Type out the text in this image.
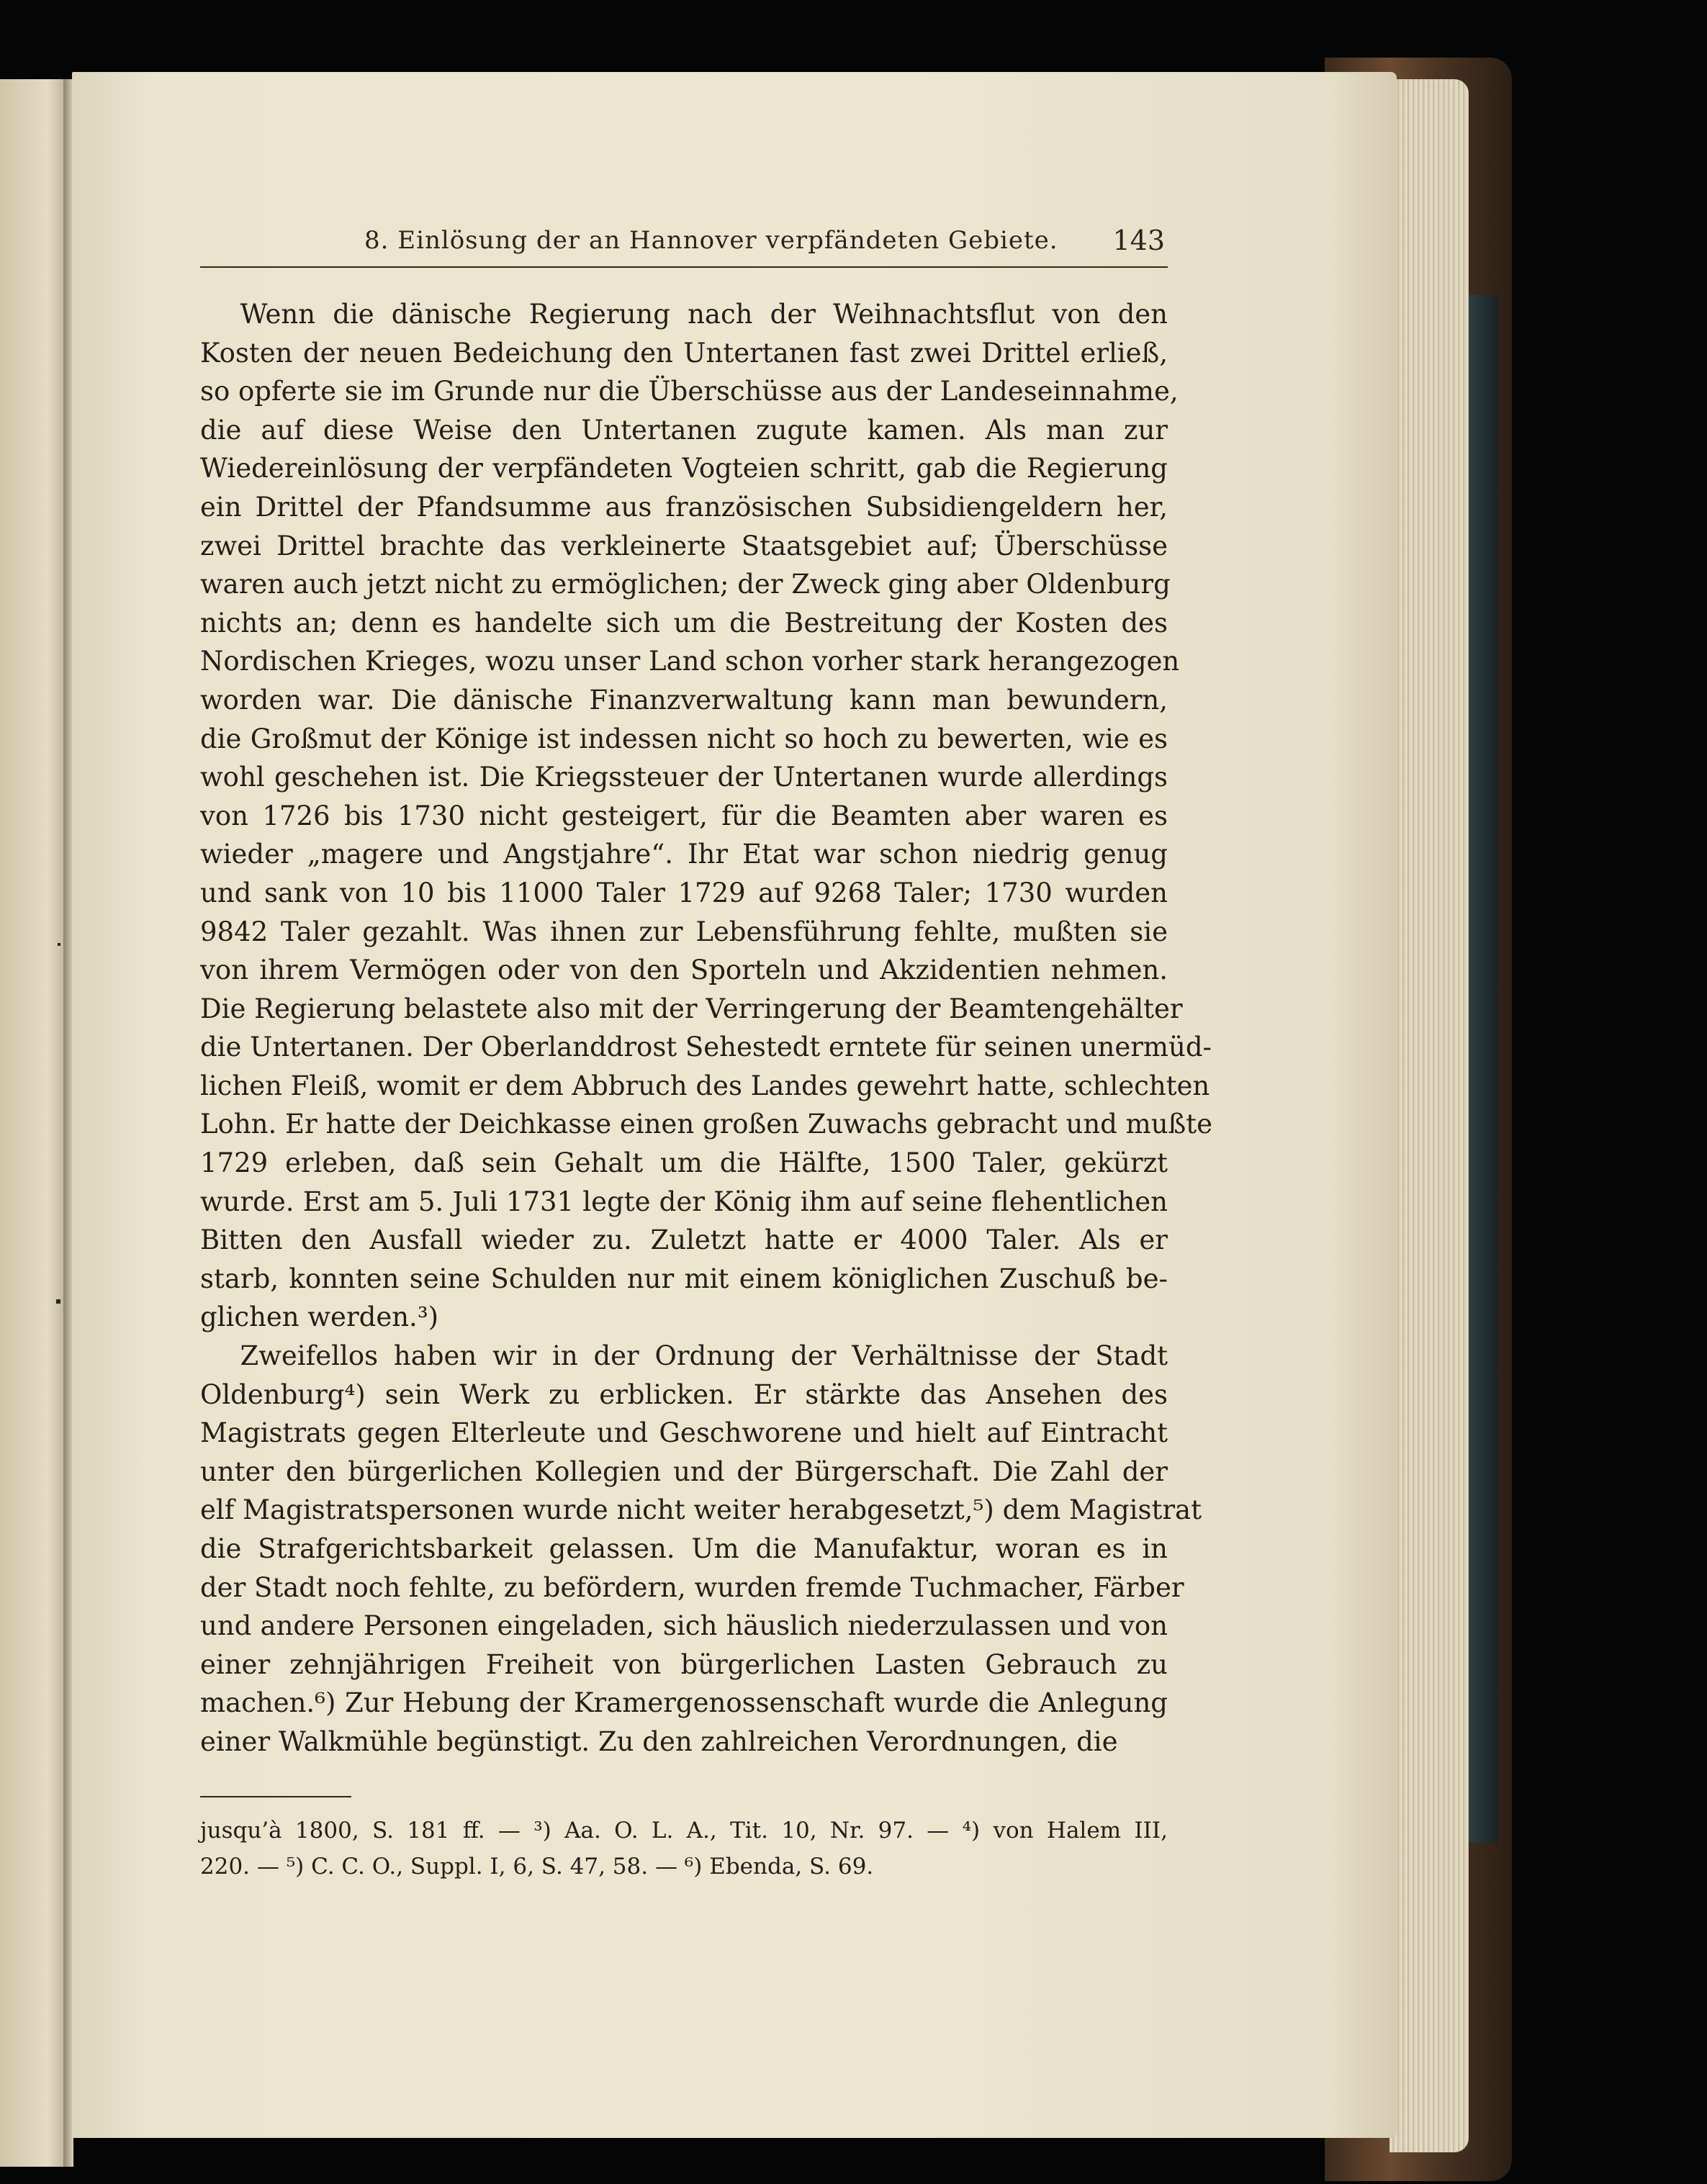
8. Einlösung der an Hannover verpfändeten Gebiete. 143

  Wenn die dänische Regierung nach der Weihnachtsflut von den
Kosten der neuen Bedeichung den Untertanen fast zwei Drittel erließ,
so opferte sie im Grunde nur die Überschüsse aus der Landeseinnahme,
die auf diese Weise den Untertanen zugute kamen. Als man zur
Wiedereinlösung der verpfändeten Vogteien schritt, gab die Regierung
ein Drittel der Pfandsumme aus französischen Subsidiengeldern her,
zwei Drittel brachte das verkleinerte Staatsgebiet auf; Überschüsse
waren auch jetzt nicht zu ermöglichen; der Zweck ging aber Oldenburg
nichts an; denn es handelte sich um die Bestreitung der Kosten des
Nordischen Krieges, wozu unser Land schon vorher stark herangezogen
worden war. Die dänische Finanzverwaltung kann man bewundern,
die Großmut der Könige ist indessen nicht so hoch zu bewerten, wie es
wohl geschehen ist. Die Kriegssteuer der Untertanen wurde allerdings
von 1726 bis 1730 nicht gesteigert, für die Beamten aber waren es
wieder „magere und Angstjahre“. Ihr Etat war schon niedrig genug
und sank von 10 bis 11000 Taler 1729 auf 9268 Taler; 1730 wurden
9842 Taler gezahlt. Was ihnen zur Lebensführung fehlte, mußten sie
von ihrem Vermögen oder von den Sporteln und Akzidentien nehmen.
Die Regierung belastete also mit der Verringerung der Beamtengehälter
die Untertanen. Der Oberlanddrost Sehestedt erntete für seinen unermüd-
lichen Fleiß, womit er dem Abbruch des Landes gewehrt hatte, schlechten
Lohn. Er hatte der Deichkasse einen großen Zuwachs gebracht und mußte
1729 erleben, daß sein Gehalt um die Hälfte, 1500 Taler, gekürzt
wurde. Erst am 5. Juli 1731 legte der König ihm auf seine flehentlichen
Bitten den Ausfall wieder zu. Zuletzt hatte er 4000 Taler. Als er
starb, konnten seine Schulden nur mit einem königlichen Zuschuß be-
glichen werden.³)

  Zweifellos haben wir in der Ordnung der Verhältnisse der Stadt
Oldenburg⁴) sein Werk zu erblicken. Er stärkte das Ansehen des
Magistrats gegen Elterleute und Geschworene und hielt auf Eintracht
unter den bürgerlichen Kollegien und der Bürgerschaft. Die Zahl der
elf Magistratspersonen wurde nicht weiter herabgesetzt,⁵) dem Magistrat
die Strafgerichtsbarkeit gelassen. Um die Manufaktur, woran es in
der Stadt noch fehlte, zu befördern, wurden fremde Tuchmacher, Färber
und andere Personen eingeladen, sich häuslich niederzulassen und von
einer zehnjährigen Freiheit von bürgerlichen Lasten Gebrauch zu
machen.⁶) Zur Hebung der Kramergenossenschaft wurde die Anlegung
einer Walkmühle begünstigt. Zu den zahlreichen Verordnungen, die

jusqu’à 1800, S. 181 ff. — ³) Aa. O. L. A., Tit. 10, Nr. 97. — ⁴) von Halem III,
220. — ⁵) C. C. O., Suppl. I, 6, S. 47, 58. — ⁶) Ebenda, S. 69.
